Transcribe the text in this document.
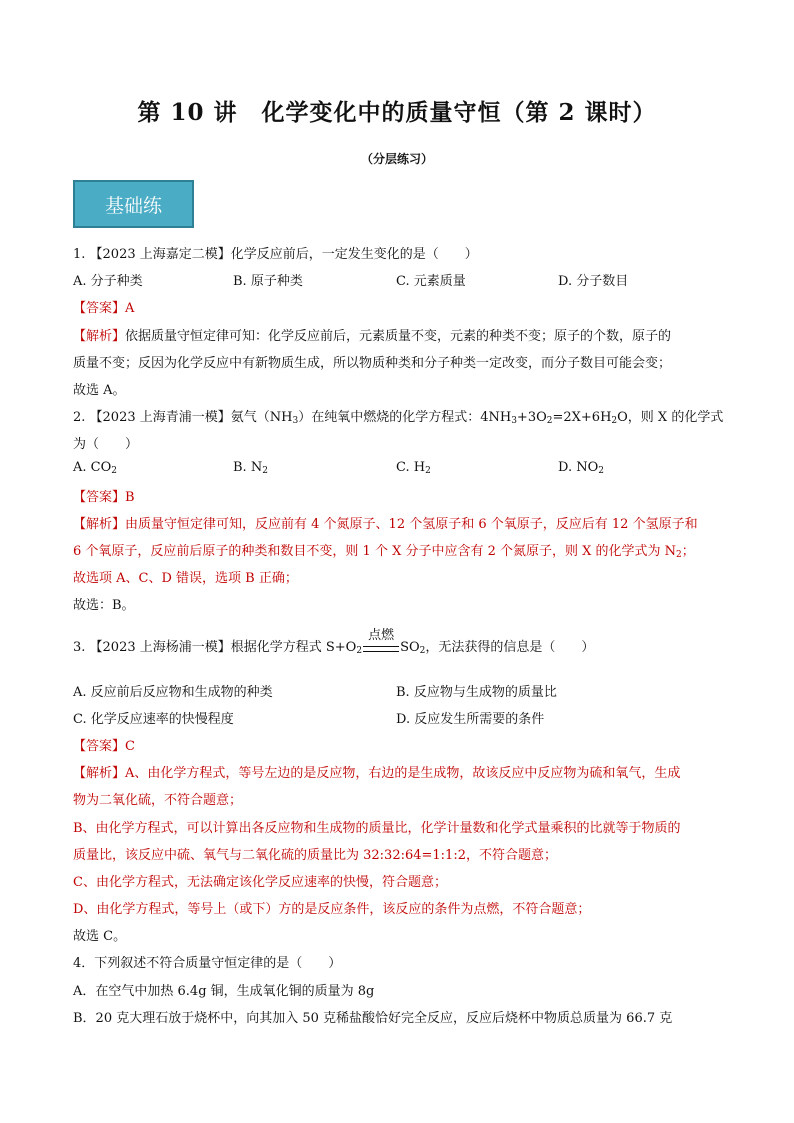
第 10 讲　化学变化中的质量守恒（第 2 课时）
（分层练习）
基础练
1. 【2023 上海嘉定二模】化学反应前后，一定发生变化的是（　　）
A. 分子种类	B. 原子种类	C. 元素质量	D. 分子数目
【答案】A
【解析】依据质量守恒定律可知：化学反应前后，元素质量不变，元素的种类不变；原子的个数，原子的
质量不变；反因为化学反应中有新物质生成，所以物质种类和分子种类一定改变，而分子数目可能会变；
故选 A。
2. 【2023 上海青浦一模】氨气$(NH_3)$在纯氧中燃烧的化学方程式：$4NH_3+3O_2=2X+6H_2O$，则 X 的化学式
为（　　）
A. $CO_2$	B. $N_2$	C. $H_2$	D. $NO_2$
【答案】B
【解析】由质量守恒定律可知，反应前有 4 个氮原子、12 个氢原子和 6 个氧原子，反应后有 12 个氢原子和
6 个氧原子，反应前后原子的种类和数目不变，则 1 个 X 分子中应含有 2 个氮原子，则 X 的化学式为 $N_2$；
故选项 A、C、D 错误，选项 B 正确；
故选：B。
3. 【2023 上海杨浦一模】根据化学方程式 $S+O_2$
点燃
$SO_2$，无法获得的信息是（　　）
A. 反应前后反应物和生成物的种类	B. 反应物与生成物的质量比
C. 化学反应速率的快慢程度	D. 反应发生所需要的条件
【答案】C
【解析】A、由化学方程式，等号左边的是反应物，右边的是生成物，故该反应中反应物为硫和氧气，生成
物为二氧化硫，不符合题意；
B、由化学方程式，可以计算出各反应物和生成物的质量比，化学计量数和化学式量乘积的比就等于物质的
质量比，该反应中硫、氧气与二氧化硫的质量比为 32:32:64=1:1:2，不符合题意；
C、由化学方程式，无法确定该化学反应速率的快慢，符合题意；
D、由化学方程式，等号上（或下）方的是反应条件，该反应的条件为点燃，不符合题意；
故选 C。
4．下列叙述不符合质量守恒定律的是（　　）
A．在空气中加热 6.4g 铜，生成氧化铜的质量为 8g
B．20 克大理石放于烧杯中，向其加入 50 克稀盐酸恰好完全反应，反应后烧杯中物质总质量为 66.7 克
